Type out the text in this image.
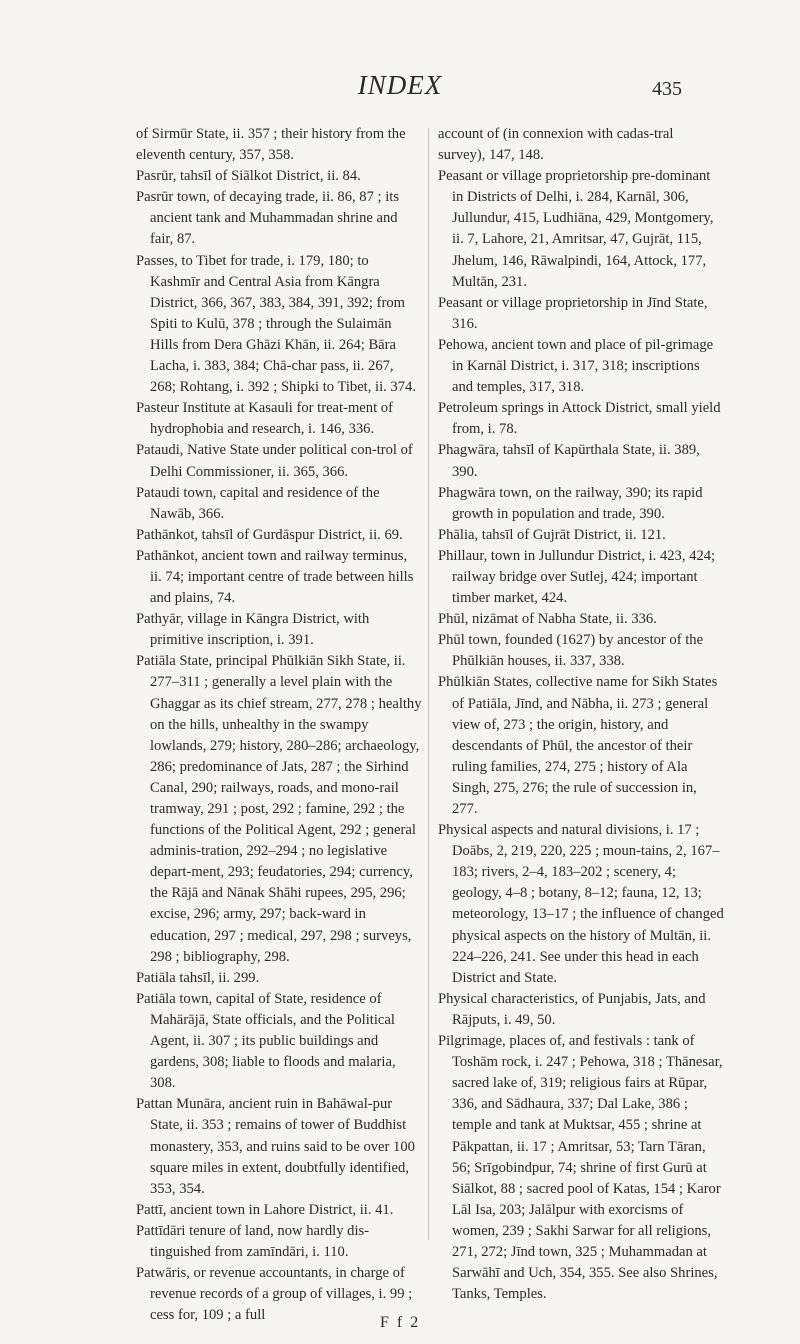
INDEX	435

of Sirmūr State, ii. 357 ; their history from the eleventh century, 357, 358.

Pasrūr, tahsīl of Siālkot District, ii. 84.

Pasrūr town, of decaying trade, ii. 86, 87 ; its ancient tank and Muhammadan shrine and fair, 87.

Passes, to Tibet for trade, i. 179, 180; to Kashmīr and Central Asia from Kāngra District, 366, 367, 383, 384, 391, 392; from Spiti to Kulū, 378 ; through the Sulaimān Hills from Dera Ghāzi Khān, ii. 264; Bāra Lacha, i. 383, 384; Chā-char pass, ii. 267, 268; Rohtang, i. 392 ; Shipki to Tibet, ii. 374.

Pasteur Institute at Kasauli for treat-ment of hydrophobia and research, i. 146, 336.

Pataudi, Native State under political con-trol of Delhi Commissioner, ii. 365, 366.

Pataudi town, capital and residence of the Nawāb, 366.

Pathānkot, tahsīl of Gurdāspur District, ii. 69.

Pathānkot, ancient town and railway terminus, ii. 74; important centre of trade between hills and plains, 74.

Pathyār, village in Kāngra District, with primitive inscription, i. 391.

Patiāla State, principal Phūlkiān Sikh State, ii. 277–311 ; generally a level plain with the Ghaggar as its chief stream, 277, 278 ; healthy on the hills, unhealthy in the swampy lowlands, 279; history, 280–286; archaeology, 286; predominance of Jats, 287 ; the Sirhind Canal, 290; railways, roads, and mono-rail tramway, 291 ; post, 292 ; famine, 292 ; the functions of the Political Agent, 292 ; general adminis-tration, 292–294 ; no legislative depart-ment, 293; feudatories, 294; currency, the Rājā and Nānak Shāhi rupees, 295, 296; excise, 296; army, 297; back-ward in education, 297 ; medical, 297, 298 ; surveys, 298 ; bibliography, 298.

Patiāla tahsīl, ii. 299.

Patiāla town, capital of State, residence of Mahārājā, State officials, and the Political Agent, ii. 307 ; its public buildings and gardens, 308; liable to floods and malaria, 308.

Pattan Munāra, ancient ruin in Bahāwal-pur State, ii. 353 ; remains of tower of Buddhist monastery, 353, and ruins said to be over 100 square miles in extent, doubtfully identified, 353, 354.

Pattī, ancient town in Lahore District, ii. 41.

Pattīdāri tenure of land, now hardly dis-tinguished from zamīndāri, i. 110.

Patwāris, or revenue accountants, in charge of revenue records of a group of villages, i. 99 ; cess for, 109 ; a full

account of (in connexion with cadas-tral survey), 147, 148.

Peasant or village proprietorship pre-dominant in Districts of Delhi, i. 284, Karnāl, 306, Jullundur, 415, Ludhiāna, 429, Montgomery, ii. 7, Lahore, 21, Amritsar, 47, Gujrāt, 115, Jhelum, 146, Rāwalpindi, 164, Attock, 177, Multān, 231.

Peasant or village proprietorship in Jīnd State, 316.

Pehowa, ancient town and place of pil-grimage in Karnāl District, i. 317, 318; inscriptions and temples, 317, 318.

Petroleum springs in Attock District, small yield from, i. 78.

Phagwāra, tahsīl of Kapūrthala State, ii. 389, 390.

Phagwāra town, on the railway, 390; its rapid growth in population and trade, 390.

Phālia, tahsīl of Gujrāt District, ii. 121.

Phillaur, town in Jullundur District, i. 423, 424; railway bridge over Sutlej, 424; important timber market, 424.

Phūl, nizāmat of Nabha State, ii. 336.

Phūl town, founded (1627) by ancestor of the Phūlkiān houses, ii. 337, 338.

Phūlkiān States, collective name for Sikh States of Patiāla, Jīnd, and Nābha, ii. 273 ; general view of, 273 ; the origin, history, and descendants of Phūl, the ancestor of their ruling families, 274, 275 ; history of Ala Singh, 275, 276; the rule of succession in, 277.

Physical aspects and natural divisions, i. 17 ; Doābs, 2, 219, 220, 225 ; moun-tains, 2, 167–183; rivers, 2–4, 183–202 ; scenery, 4; geology, 4–8 ; botany, 8–12; fauna, 12, 13; meteorology, 13–17 ; the influence of changed physical aspects on the history of Multān, ii. 224–226, 241. See under this head in each District and State.

Physical characteristics, of Punjabis, Jats, and Rājputs, i. 49, 50.

Pilgrimage, places of, and festivals : tank of Toshām rock, i. 247 ; Pehowa, 318 ; Thānesar, sacred lake of, 319; religious fairs at Rūpar, 336, and Sādhaura, 337; Dal Lake, 386 ; temple and tank at Muktsar, 455 ; shrine at Pākpattan, ii. 17 ; Amritsar, 53; Tarn Tāran, 56; Srīgobindpur, 74; shrine of first Gurū at Siālkot, 88 ; sacred pool of Katas, 154 ; Karor Lāl Isa, 203; Jalālpur with exorcisms of women, 239 ; Sakhi Sarwar for all religions, 271, 272; Jīnd town, 325 ; Muhammadan at Sarwāhī and Uch, 354, 355. See also Shrines, Tanks, Temples.

F f 2
